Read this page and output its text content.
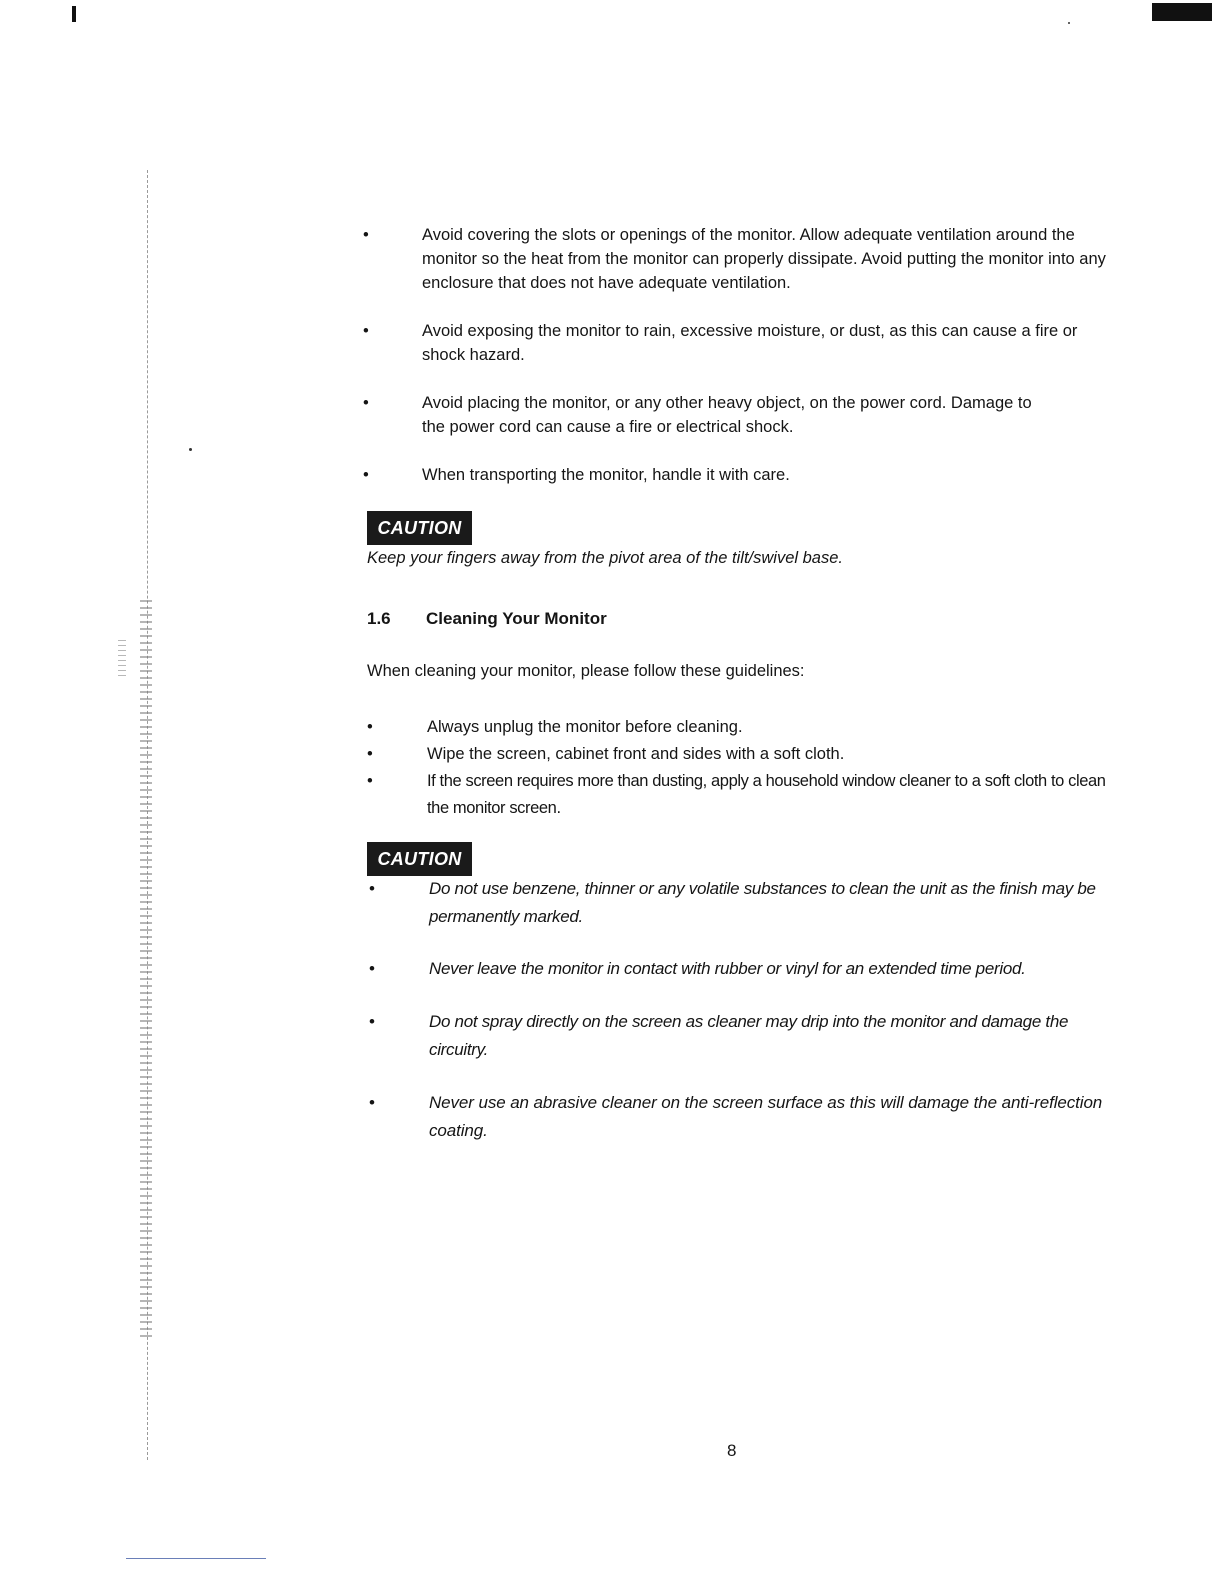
•	Avoid covering the slots or openings of the monitor. Allow adequate ventilation around the monitor so the heat from the monitor can properly dissipate. Avoid putting the monitor into any enclosure that does not have adequate ventilation.
•	Avoid exposing the monitor to rain, excessive moisture, or dust, as this can cause a fire or shock hazard.
•	Avoid placing the monitor, or any other heavy object, on the power cord. Damage to the power cord can cause a fire or electrical shock.
•	When transporting the monitor, handle it with care.
CAUTION
Keep your fingers away from the pivot area of the tilt/swivel base.
1.6 Cleaning Your Monitor
When cleaning your monitor, please follow these guidelines:
•	Always unplug the monitor before cleaning.
•	Wipe the screen, cabinet front and sides with a soft cloth.
•	If the screen requires more than dusting, apply a household window cleaner to a soft cloth to clean the monitor screen.
CAUTION
•	Do not use benzene, thinner or any volatile substances to clean the unit as the finish may be permanently marked.
•	Never leave the monitor in contact with rubber or vinyl for an extended time period.
•	Do not spray directly on the screen as cleaner may drip into the monitor and damage the circuitry.
•	Never use an abrasive cleaner on the screen surface as this will damage the anti-reflection coating.
8
